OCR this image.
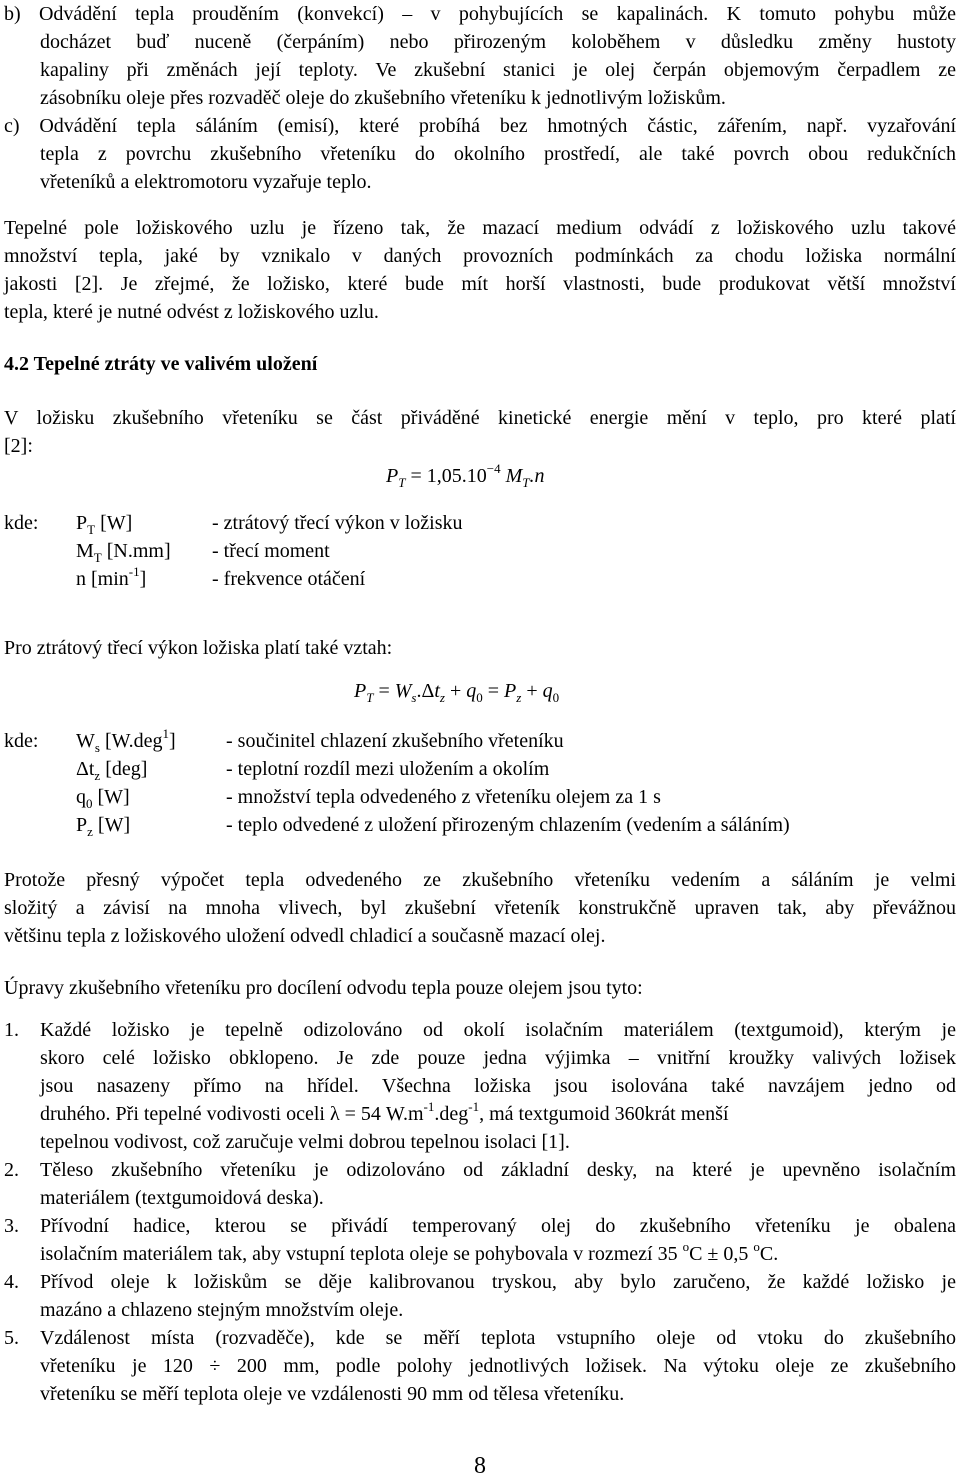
b) Odvádění tepla prouděním (konvekcí) – v pohybujících se kapalinách. K tomuto pohybu může
docházet buď nuceně (čerpáním) nebo přirozeným koloběhem v důsledku změny hustoty
kapaliny při změnách její teploty. Ve zkušební stanici je olej čerpán objemovým čerpadlem ze
zásobníku oleje přes rozvaděč oleje do zkušebního vřeteníku k jednotlivým ložiskům.
c) Odvádění tepla sáláním (emisí), které probíhá bez hmotných částic, zářením, např. vyzařování
tepla z povrchu zkušebního vřeteníku do okolního prostředí, ale také povrch obou redukčních
vřeteníků a elektromotoru vyzařuje teplo.
Tepelné pole ložiskového uzlu je řízeno tak, že mazací medium odvádí z ložiskového uzlu takové
množství tepla, jaké by vznikalo v daných provozních podmínkách za chodu ložiska normální
jakosti [2]. Je zřejmé, že ložisko, které bude mít horší vlastnosti, bude produkovat větší množství
tepla, které je nutné odvést z ložiskového uzlu.
4.2 Tepelné ztráty ve valivém uložení
V ložisku zkušebního vřeteníku se část přiváděné kinetické energie mění v teplo, pro které platí
[2]:
$P_T = 1,05.10^{-4}$ $M_T.n$
kde: $P_T$ [W]	- ztrátový třecí výkon v ložisku
$M_T$ [N.mm] - třecí moment
n $[\min^{-1}]$	- frekvence otáčení
Pro ztrátový třecí výkon ložiska platí také vztah:
$P_T = W_s.\Delta t_z + q_0 = P_z + q_0$
kde: $W_s$ [W.deg$^1$]	- součinitel chlazení zkušebního vřeteníku
$\Delta t_z$ [deg]	- teplotní rozdíl mezi uložením a okolím
$q_0$ [W]	- množství tepla odvedeného z vřeteníku olejem za 1 s
$P_z$ [W]	- teplo odvedené z uložení přirozeným chlazením (vedením a sáláním)
Protože přesný výpočet tepla odvedeného ze zkušebního vřeteníku vedením a sáláním je velmi
složitý a závisí na mnoha vlivech, byl zkušební vřeteník konstrukčně upraven tak, aby převážnou
většinu tepla z ložiskového uložení odvedl chladicí a současně mazací olej.
Úpravy zkušebního vřeteníku pro docílení odvodu tepla pouze olejem jsou tyto:
1. Každé ložisko je tepelně odizolováno od okolí isolačním materiálem (textgumoid), kterým je
skoro celé ložisko obklopeno. Je zde pouze jedna výjimka – vnitřní kroužky valivých ložisek
jsou nasazeny přímo na hřídel. Všechna ložiska jsou isolována také navzájem jedno od
druhého. Při tepelné vodivosti oceli λ = 54 $W.m^{-1}.deg^{-1}$, má textgumoid 360krát menší
tepelnou vodivost, což zaručuje velmi dobrou tepelnou isolaci [1].
2. Těleso zkušebního vřeteníku je odizolováno od základní desky, na které je upevněno isolačním
materiálem (textgumoidová deska).
3. Přívodní hadice, kterou se přivádí temperovaný olej do zkušebního vřeteníku je obalena
isolačním materiálem tak, aby vstupní teplota oleje se pohybovala v rozmezí 35 $^o$C ± 0,5 $^o$C.
4. Přívod oleje k ložiskům se děje kalibrovanou tryskou, aby bylo zaručeno, že každé ložisko je
mazáno a chlazeno stejným množstvím oleje.
5. Vzdálenost místa (rozvaděče), kde se měří teplota vstupního oleje od vtoku do zkušebního
vřeteníku je 120 ÷ 200 mm, podle polohy jednotlivých ložisek. Na výtoku oleje ze zkušebního
vřeteníku se měří teplota oleje ve vzdálenosti 90 mm od tělesa vřeteníku.
8
